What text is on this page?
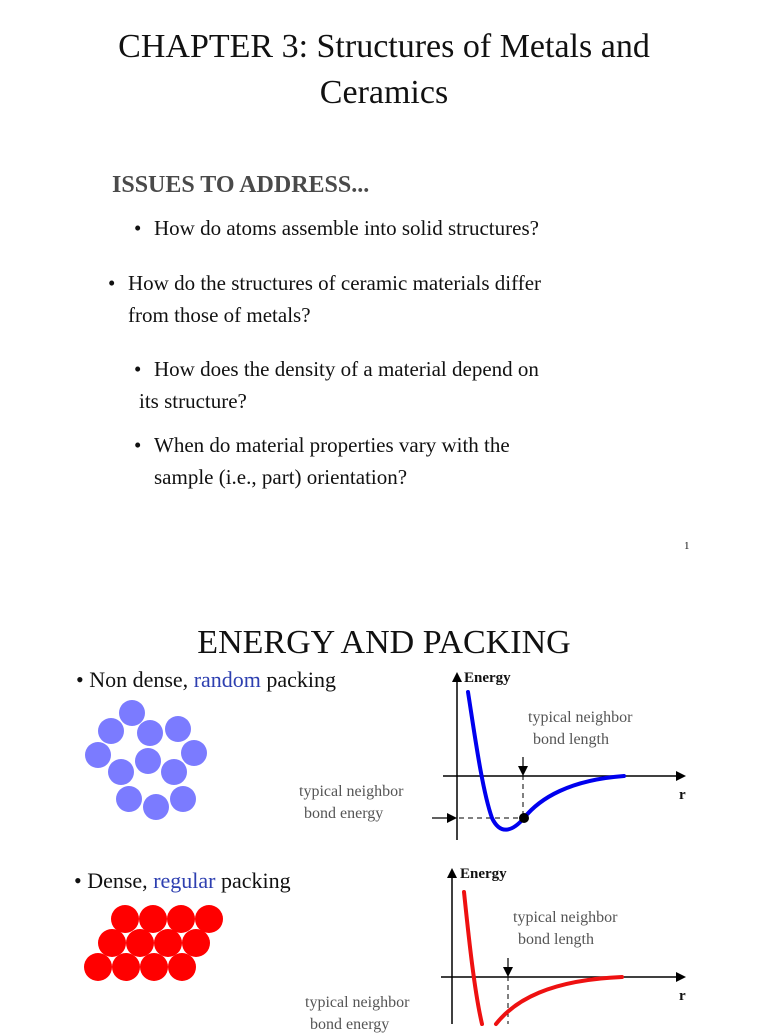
CHAPTER 3: Structures of Metals and
Ceramics
ISSUES TO ADDRESS...
• How do atoms assemble into solid structures?
• How do the structures of ceramic materials differ
from those of metals?
• How does the density of a material depend on
its structure?
• When do material properties vary with the
sample (i.e., part) orientation?
1
ENERGY AND PACKING
• Non dense, random packing
• Dense, regular packing
Energy
r
typical neighbor
bond length
typical neighbor
bond energy
Energy
r
typical neighbor
bond length
typical neighbor
bond energy
